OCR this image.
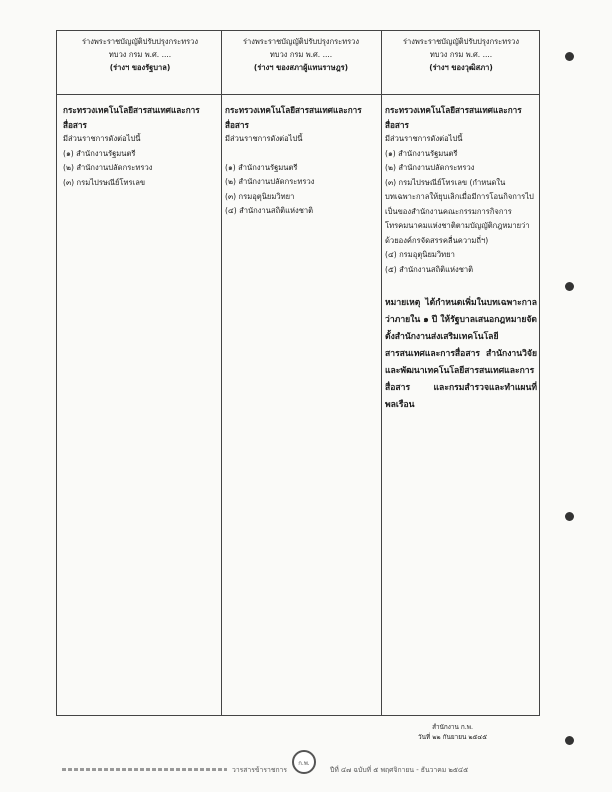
ร่างพระราชบัญญัติปรับปรุงกระทรวง
ทบวง กรม พ.ศ. ....
(ร่างฯ ของรัฐบาล)
ร่างพระราชบัญญัติปรับปรุงกระทรวง
ทบวง กรม พ.ศ. ....
(ร่างฯ ของสภาผู้แทนราษฎร)
ร่างพระราชบัญญัติปรับปรุงกระทรวง
ทบวง กรม พ.ศ. ....
(ร่างฯ ของวุฒิสภา)
กระทรวงเทคโนโลยีสารสนเทศและการสื่อสาร
มีส่วนราชการดังต่อไปนี้
(๑) สำนักงานรัฐมนตรี
(๒) สำนักงานปลัดกระทรวง
(๓) กรมไปรษณีย์โทรเลข
กระทรวงเทคโนโลยีสารสนเทศและการสื่อสาร
มีส่วนราชการดังต่อไปนี้
(๑) สำนักงานรัฐมนตรี
(๒) สำนักงานปลัดกระทรวง
(๓) กรมอุตุนิยมวิทยา
(๔) สำนักงานสถิติแห่งชาติ
กระทรวงเทคโนโลยีสารสนเทศและการสื่อสาร
มีส่วนราชการดังต่อไปนี้
(๑) สำนักงานรัฐมนตรี
(๒) สำนักงานปลัดกระทรวง
(๓) กรมไปรษณีย์โทรเลข (กำหนดในบทเฉพาะกาลให้ยุบเลิกเมื่อมีการโอนกิจการไปเป็นของสำนักงานคณะกรรมการกิจการโทรคมนาคมแห่งชาติตามบัญญัติกฎหมายว่าด้วยองค์กรจัดสรรคลื่นความถี่ฯ)
(๔) กรมอุตุนิยมวิทยา
(๕) สำนักงานสถิติแห่งชาติ
หมายเหตุ ได้กำหนดเพิ่มในบทเฉพาะกาลว่าภายใน ๑ ปี ให้รัฐบาลเสนอกฎหมายจัดตั้งสำนักงานส่งเสริมเทคโนโลยีสารสนเทศและการสื่อสาร สำนักงานวิจัยและพัฒนาเทคโนโลยีสารสนเทศและการสื่อสาร และกรมสำรวจและทำแผนที่พลเรือน
สำนักงาน ก.พ.
วันที่ ๒๒ กันยายน ๒๕๔๕
ก.พ.
วารสารข้าราชการ	ปีที่ ๔๗ ฉบับที่ ๕ พฤศจิกายน - ธันวาคม ๒๕๔๕
